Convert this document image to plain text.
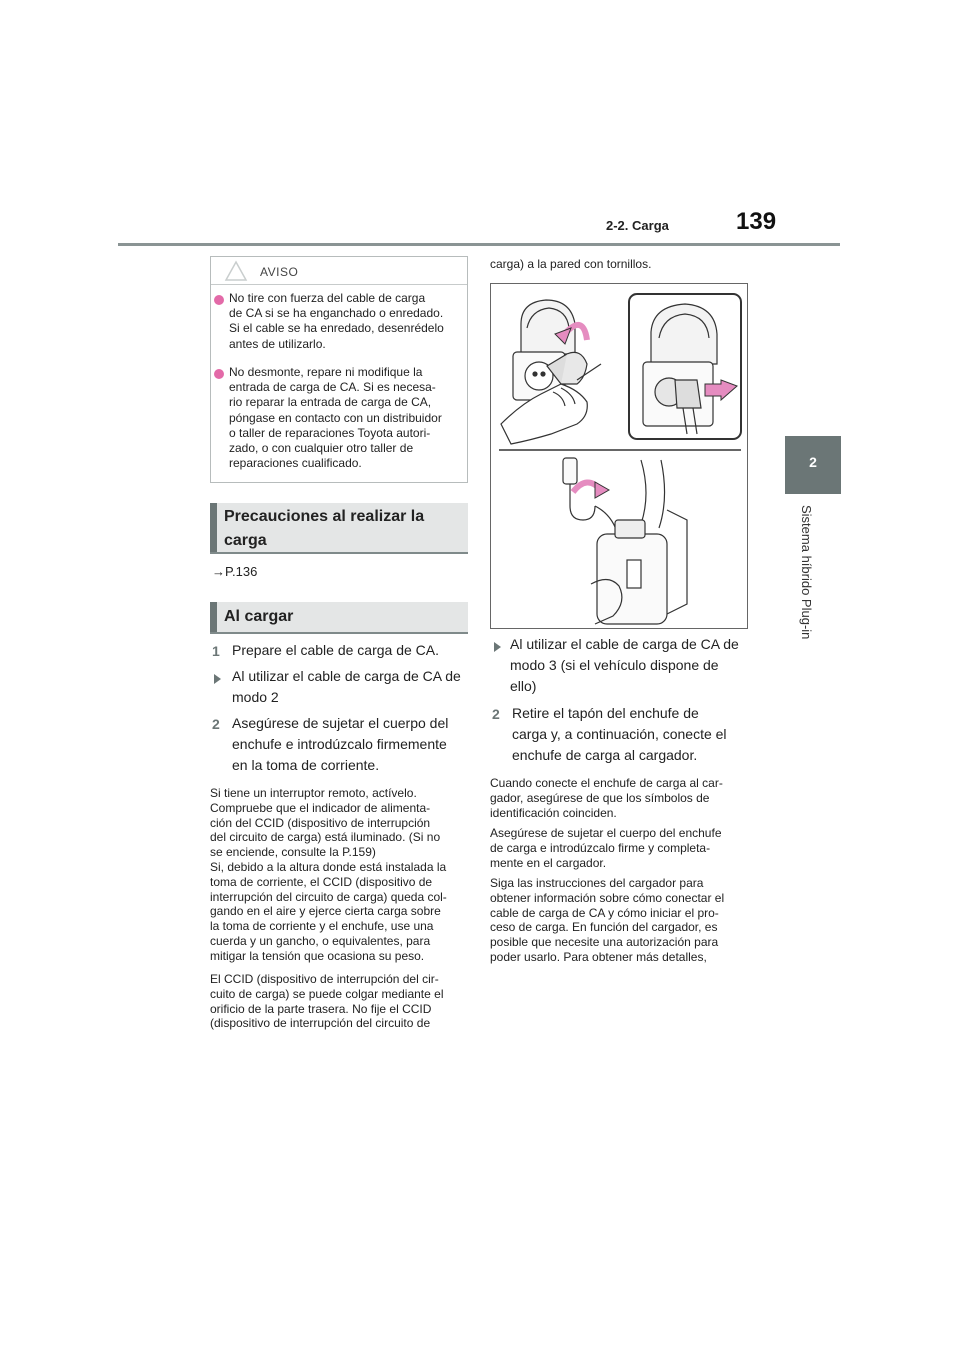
2-2. Carga	139
2
Sistema híbrido Plug-in
AVISO
No tire con fuerza del cable de carga
de CA si se ha enganchado o enredado.
Si el cable se ha enredado, desenrédelo
antes de utilizarlo.
No desmonte, repare ni modifique la
entrada de carga de CA. Si es necesa-
rio reparar la entrada de carga de CA,
póngase en contacto con un distribuidor
o taller de reparaciones Toyota autori-
zado, o con cualquier otro taller de
reparaciones cualificado.
Precauciones al realizar la
carga
→P.136
Al cargar
1 Prepare el cable de carga de CA.
Al utilizar el cable de carga de CA de
modo 2
2 Asegúrese de sujetar el cuerpo del
enchufe e introdúzcalo firmemente
en la toma de corriente.
Si tiene un interruptor remoto, actívelo.
Compruebe que el indicador de alimenta-
ción del CCID (dispositivo de interrupción
del circuito de carga) está iluminado. (Si no
se enciende, consulte la P.159)
Si, debido a la altura donde está instalada la
toma de corriente, el CCID (dispositivo de
interrupción del circuito de carga) queda col-
gando en el aire y ejerce cierta carga sobre
la toma de corriente y el enchufe, use una
cuerda y un gancho, o equivalentes, para
mitigar la tensión que ocasiona su peso.
El CCID (dispositivo de interrupción del cir-
cuito de carga) se puede colgar mediante el
orificio de la parte trasera. No fije el CCID
(dispositivo de interrupción del circuito de
carga) a la pared con tornillos.
Al utilizar el cable de carga de CA de
modo 3 (si el vehículo dispone de
ello)
2 Retire el tapón del enchufe de
carga y, a continuación, conecte el
enchufe de carga al cargador.
Cuando conecte el enchufe de carga al car-
gador, asegúrese de que los símbolos de
identificación coinciden.
Asegúrese de sujetar el cuerpo del enchufe
de carga e introdúzcalo firme y completa-
mente en el cargador.
Siga las instrucciones del cargador para
obtener información sobre cómo conectar el
cable de carga de CA y cómo iniciar el pro-
ceso de carga. En función del cargador, es
posible que necesite una autorización para
poder usarlo. Para obtener más detalles,
